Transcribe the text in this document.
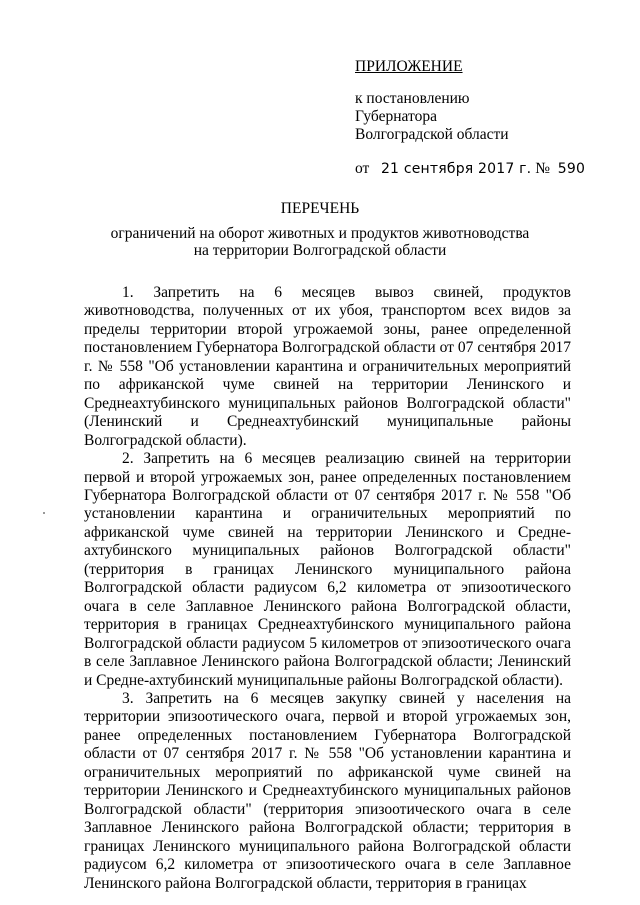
ПРИЛОЖЕНИЕ
к постановлению
Губернатора
Волгоградской области
от 21 сентября 2017 г. № 590
ПЕРЕЧЕНЬ
ограничений на оборот животных и продуктов животноводства
на территории Волгоградской области

1. Запретить на 6 месяцев вывоз свиней, продуктов животноводства, полученных от их убоя, транспортом всех видов за пределы территории второй угрожаемой зоны, ранее определенной постановлением Губернатора Волгоградской области от 07 сентября 2017 г. № 558 "Об установлении карантина и ограничительных мероприятий по африканской чуме свиней на территории Ленинского и Среднеахтубинского муниципальных районов Волгоградской области" (Ленинский и Среднеахтубинский муниципальные районы Волгоградской области).

2. Запретить на 6 месяцев реализацию свиней на территории первой и второй угрожаемых зон, ранее определенных постановлением Губернатора Волгоградской области от 07 сентября 2017 г. № 558 "Об установлении карантина и ограничительных мероприятий по африканской чуме свиней на территории Ленинского и Средне-ахтубинского муниципальных районов Волгоградской области" (территория в границах Ленинского муниципального района Волгоградской области радиусом 6,2 километра от эпизоотического очага в селе Заплавное Ленинского района Волгоградской области, территория в границах Среднеахтубинского муниципального района Волгоградской области радиусом 5 километров от эпизоотического очага в селе Заплавное Ленинского района Волгоградской области; Ленинский и Средне-ахтубинский муниципальные районы Волгоградской области).

3. Запретить на 6 месяцев закупку свиней у населения на территории эпизоотического очага, первой и второй угрожаемых зон, ранее определенных постановлением Губернатора Волгоградской области от 07 сентября 2017 г. № 558 "Об установлении карантина и ограничительных мероприятий по африканской чуме свиней на территории Ленинского и Среднеахтубинского муниципальных районов Волгоградской области" (территория эпизоотического очага в селе Заплавное Ленинского района Волгоградской области; территория в границах Ленинского муниципального района Волгоградской области радиусом 6,2 километра от эпизоотического очага в селе Заплавное Ленинского района Волгоградской области, территория в границах
